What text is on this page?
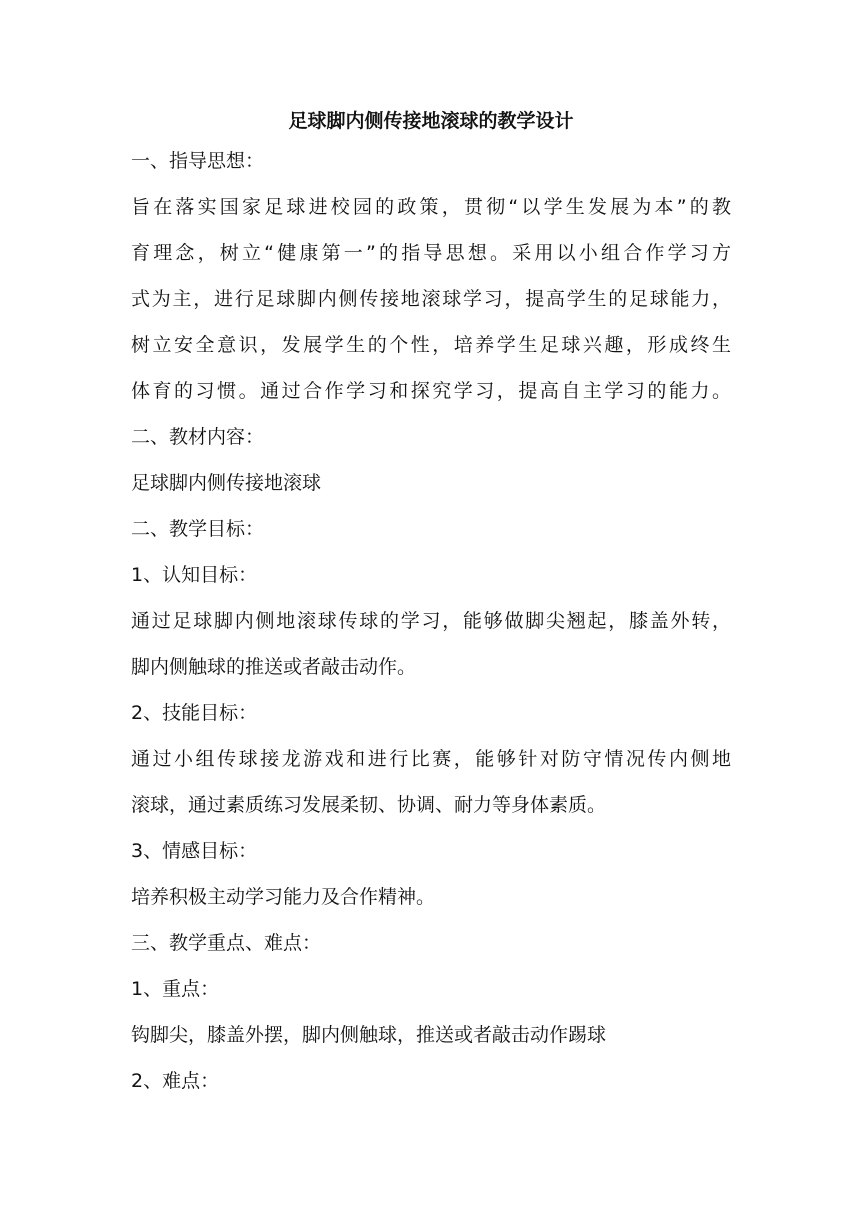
足球脚内侧传接地滚球的教学设计
一、指导思想：
旨在落实国家足球进校园的政策，贯彻“以学生发展为本”的教
育理念，树立“健康第一”的指导思想。采用以小组合作学习方
式为主，进行足球脚内侧传接地滚球学习，提高学生的足球能力，
树立安全意识，发展学生的个性，培养学生足球兴趣，形成终生
体育的习惯。通过合作学习和探究学习，提高自主学习的能力。
二、教材内容：
足球脚内侧传接地滚球
二、教学目标：
1、认知目标：
通过足球脚内侧地滚球传球的学习，能够做脚尖翘起，膝盖外转，
脚内侧触球的推送或者敲击动作。
2、技能目标：
通过小组传球接龙游戏和进行比赛，能够针对防守情况传内侧地
滚球，通过素质练习发展柔韧、协调、耐力等身体素质。
3、情感目标：
培养积极主动学习能力及合作精神。
三、教学重点、难点：
1、重点：
钩脚尖，膝盖外摆，脚内侧触球，推送或者敲击动作踢球
2、难点：
